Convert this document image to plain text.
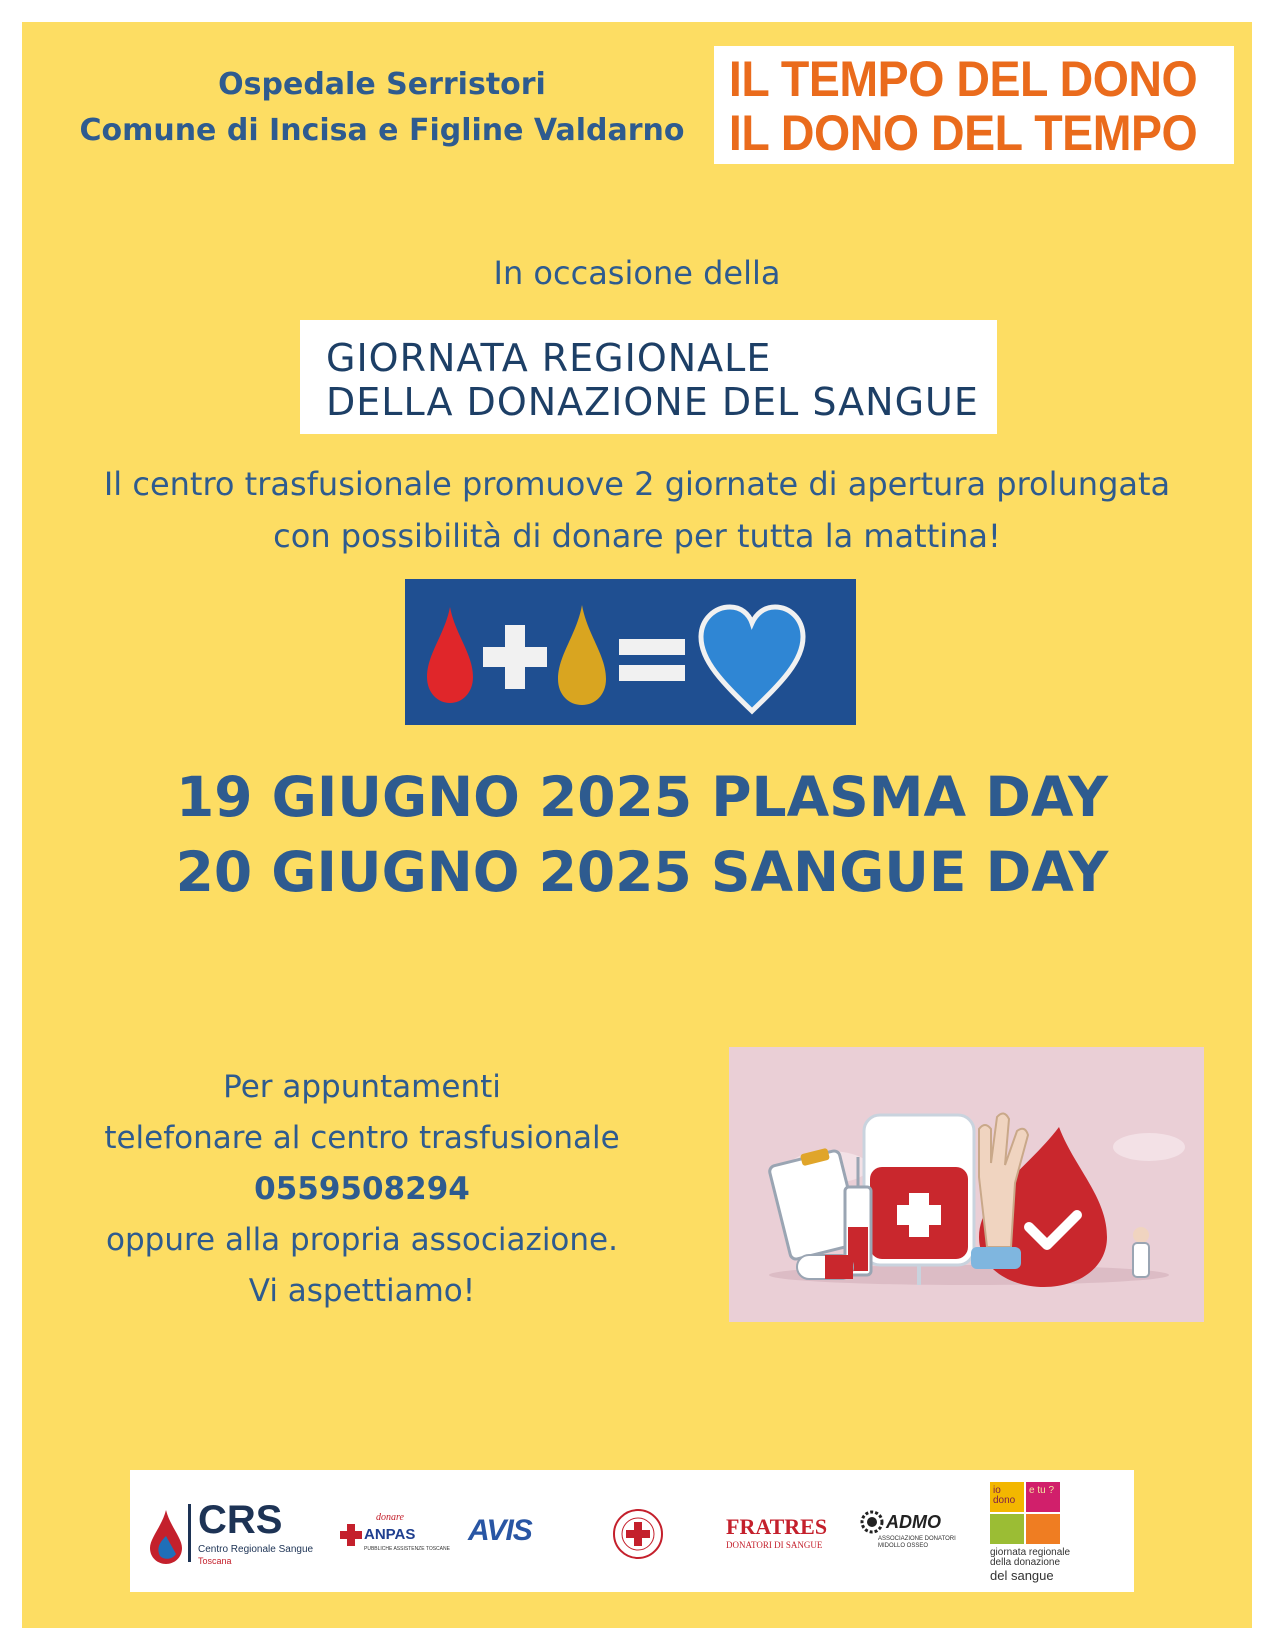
Ospedale Serristori
Comune di Incisa e Figline Valdarno
IL TEMPO DEL DONO
IL DONO DEL TEMPO
In occasione della
GIORNATA REGIONALE
DELLA DONAZIONE DEL SANGUE
Il centro trasfusionale promuove 2 giornate di apertura prolungata
con possibilità di donare per tutta la mattina!
19 GIUGNO 2025 PLASMA DAY
20 GIUGNO 2025 SANGUE DAY
Per appuntamenti
telefonare al centro trasfusionale
0559508294
oppure alla propria associazione.
Vi aspettiamo!
CRS
Centro Regionale Sangue
Toscana
donare
ANPAS
PUBBLICHE ASSISTENZE TOSCANE
AVIS	FRATRES
DONATORI DI SANGUE
ADMO
ASSOCIAZIONE DONATORI MIDOLLO OSSEO
io dono
e tu ?
giornata regionale
della donazione
del sangue
